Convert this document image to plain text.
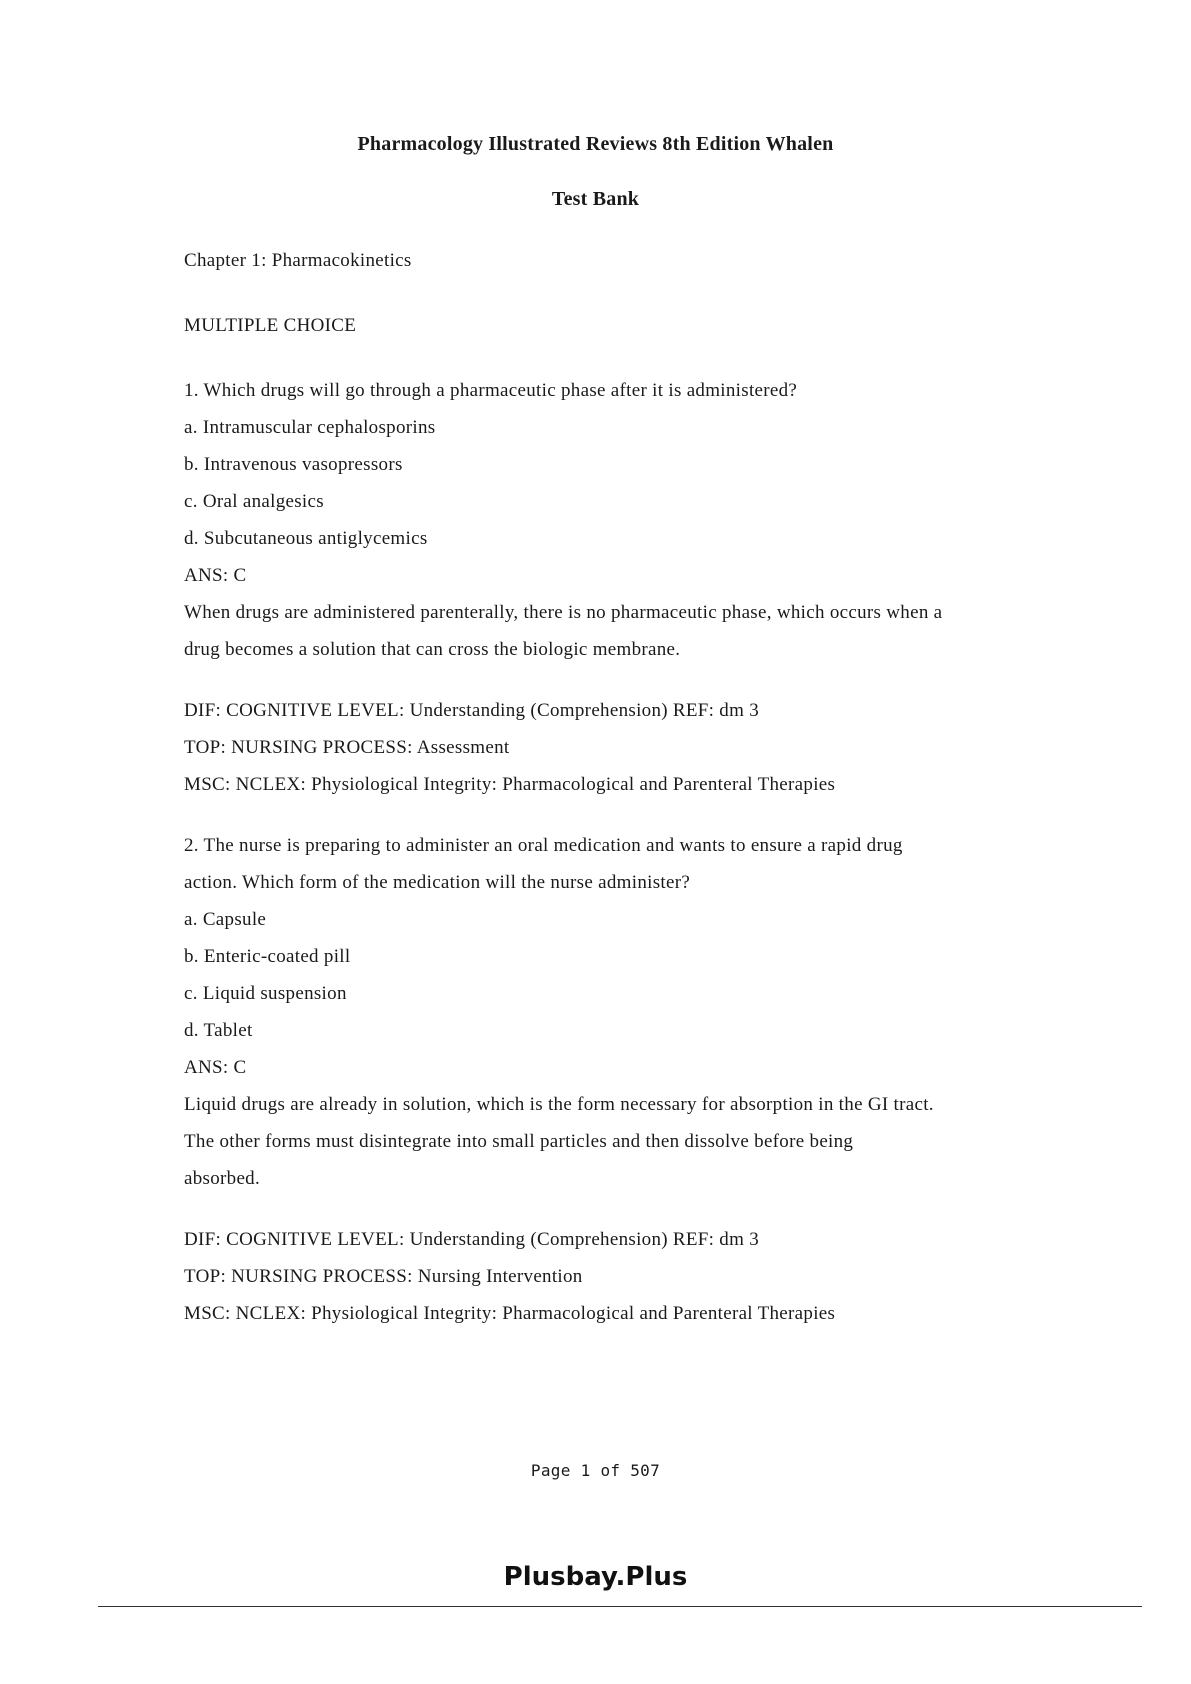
Pharmacology Illustrated Reviews 8th Edition Whalen
Test Bank
Chapter 1: Pharmacokinetics
MULTIPLE CHOICE
1. Which drugs will go through a pharmaceutic phase after it is administered?
a. Intramuscular cephalosporins
b. Intravenous vasopressors
c. Oral analgesics
d. Subcutaneous antiglycemics
ANS: C
When drugs are administered parenterally, there is no pharmaceutic phase, which occurs when a
drug becomes a solution that can cross the biologic membrane.
DIF: COGNITIVE LEVEL: Understanding (Comprehension) REF: dm 3
TOP: NURSING PROCESS: Assessment
MSC: NCLEX: Physiological Integrity: Pharmacological and Parenteral Therapies
2. The nurse is preparing to administer an oral medication and wants to ensure a rapid drug
action. Which form of the medication will the nurse administer?
a. Capsule
b. Enteric-coated pill
c. Liquid suspension
d. Tablet
ANS: C
Liquid drugs are already in solution, which is the form necessary for absorption in the GI tract.
The other forms must disintegrate into small particles and then dissolve before being
absorbed.
DIF: COGNITIVE LEVEL: Understanding (Comprehension) REF: dm 3
TOP: NURSING PROCESS: Nursing Intervention
MSC: NCLEX: Physiological Integrity: Pharmacological and Parenteral Therapies
Page 1 of 507
Plusbay.Plus
